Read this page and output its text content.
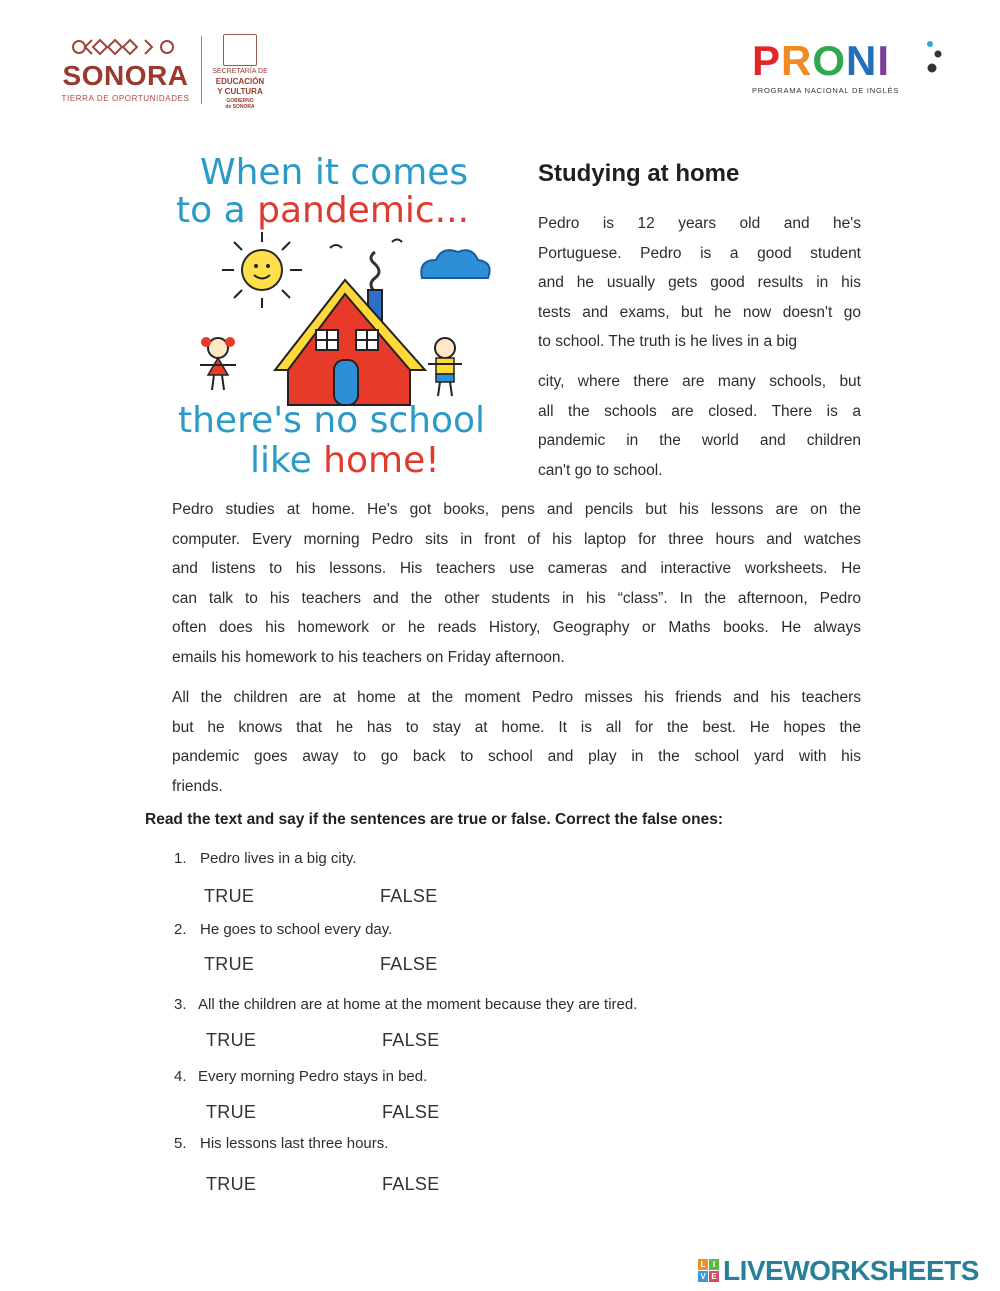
SONORA
TIERRA DE OPORTUNIDADES
SECRETARÍA DE
EDUCACIÓN
Y CULTURA
GOBIERNO
de SONORA
PRONI
PROGRAMA NACIONAL DE INGLÉS
When it comes
to a pandemic...
there's no school
like home!
Studying at home
Pedro is 12 years old and he's
Portuguese. Pedro is a good student
and he usually gets good results in his
tests and exams, but he now doesn't go
to school. The truth is he lives in a big
city, where there are many schools, but
all the schools are closed. There is a
pandemic in the world and children
can't go to school.
Pedro studies at home. He's got books, pens and pencils but his lessons are on the
computer. Every morning Pedro sits in front of his laptop for three hours and watches
and listens to his lessons. His teachers use cameras and interactive worksheets. He
can talk to his teachers and the other students in his “class”. In the afternoon, Pedro
often does his homework or he reads History, Geography or Maths books. He always
emails his homework to his teachers on Friday afternoon.
All the children are at home at the moment Pedro misses his friends and his teachers
but he knows that he has to stay at home. It is all for the best. He hopes the
pandemic goes away to go back to school and play in the school yard with his
friends.
Read the text and say if the sentences are true or false. Correct the false ones:
1. Pedro lives in a big city.
TRUE	FALSE
2. He goes to school every day.
TRUE	FALSE
3. All the children are at home at the moment because they are tired.
TRUE	FALSE
4. Every morning Pedro stays in bed.
TRUE	FALSE
5. His lessons last three hours.
TRUE	FALSE
L I
V E LIVEWORKSHEETS
